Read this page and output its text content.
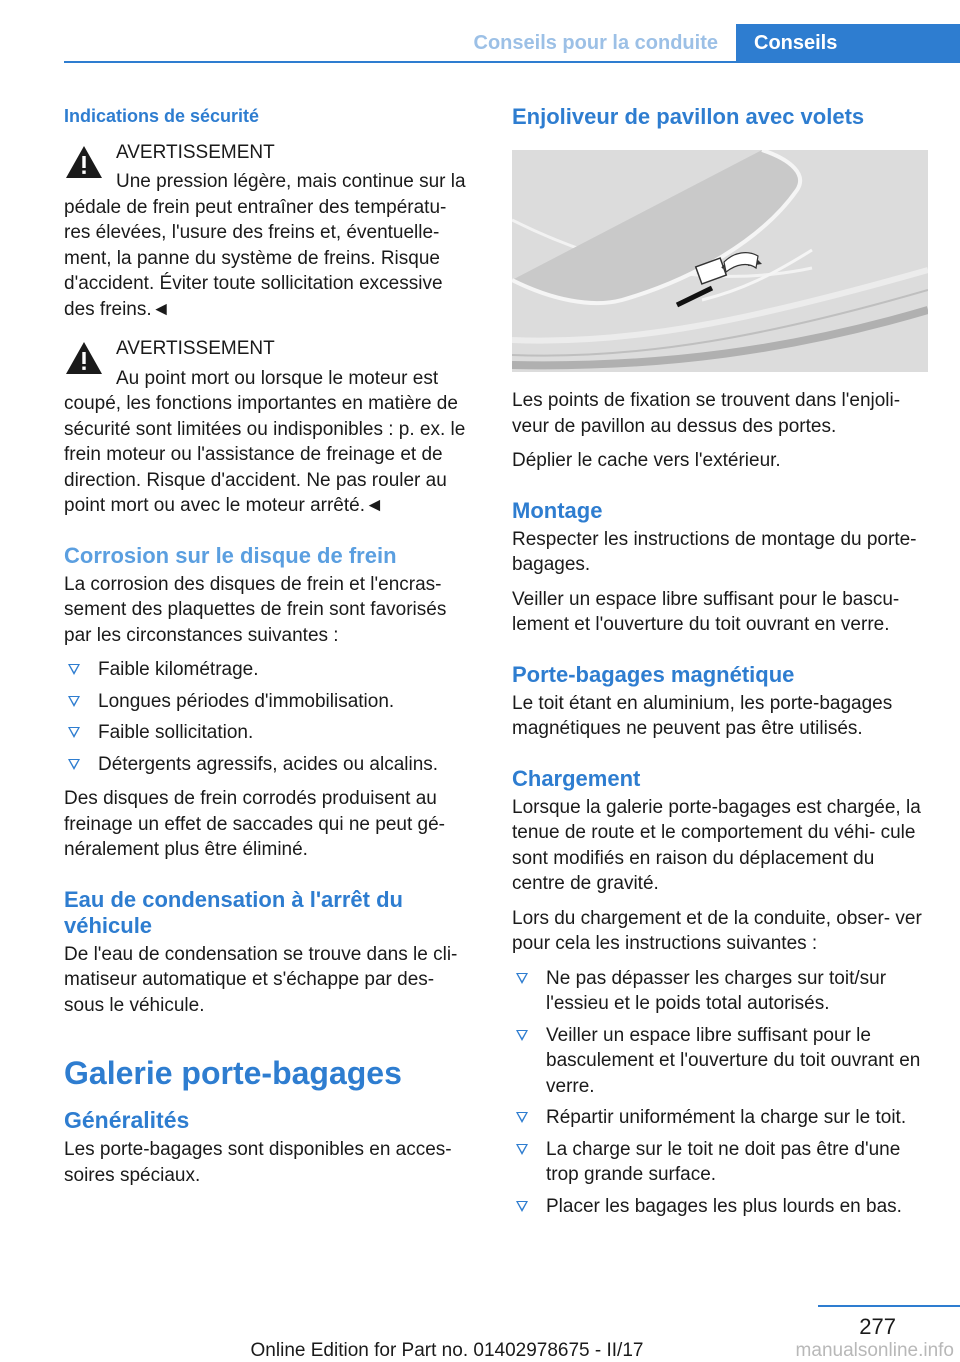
Conseils pour la conduite	Conseils
Indications de sécurité
AVERTISSEMENT
Une pression légère, mais continue sur la pédale de frein peut entraîner des températu- res élevées, l'usure des freins et, éventuelle- ment, la panne du système de freins. Risque d'accident. Éviter toute sollicitation excessive des freins.◄
AVERTISSEMENT
Au point mort ou lorsque le moteur est coupé, les fonctions importantes en matière de sécurité sont limitées ou indisponibles : p. ex. le frein moteur ou l'assistance de freinage et de direction. Risque d'accident. Ne pas rouler au point mort ou avec le moteur arrêté.◄
Corrosion sur le disque de frein

La corrosion des disques de frein et l'encras- sement des plaquettes de frein sont favorisés par les circonstances suivantes :

Faible kilométrage.
Longues périodes d'immobilisation.
Faible sollicitation.
Détergents agressifs, acides ou alcalins.

Des disques de frein corrodés produisent au freinage un effet de saccades qui ne peut gé- néralement plus être éliminé.

Eau de condensation à l'arrêt du véhicule

De l'eau de condensation se trouve dans le cli- matiseur automatique et s'échappe par des- sous le véhicule.

Galerie porte-bagages
Généralités

Les porte-bagages sont disponibles en acces- soires spéciaux.

Enjoliveur de pavillon avec volets

Les points de fixation se trouvent dans l'enjoli- veur de pavillon au dessus des portes.

Déplier le cache vers l'extérieur.

Montage

Respecter les instructions de montage du porte-bagages.

Veiller un espace libre suffisant pour le bascu- lement et l'ouverture du toit ouvrant en verre.

Porte-bagages magnétique

Le toit étant en aluminium, les porte-bagages magnétiques ne peuvent pas être utilisés.

Chargement

Lorsque la galerie porte-bagages est chargée, la tenue de route et le comportement du véhi- cule sont modifiés en raison du déplacement du centre de gravité.

Lors du chargement et de la conduite, obser- ver pour cela les instructions suivantes :

Ne pas dépasser les charges sur toit/sur l'essieu et le poids total autorisés.
Veiller un espace libre suffisant pour le basculement et l'ouverture du toit ouvrant en verre.
Répartir uniformément la charge sur le toit.
La charge sur le toit ne doit pas être d'une trop grande surface.
Placer les bagages les plus lourds en bas.
277
Online Edition for Part no. 01402978675 - II/17	manualsonline.info
